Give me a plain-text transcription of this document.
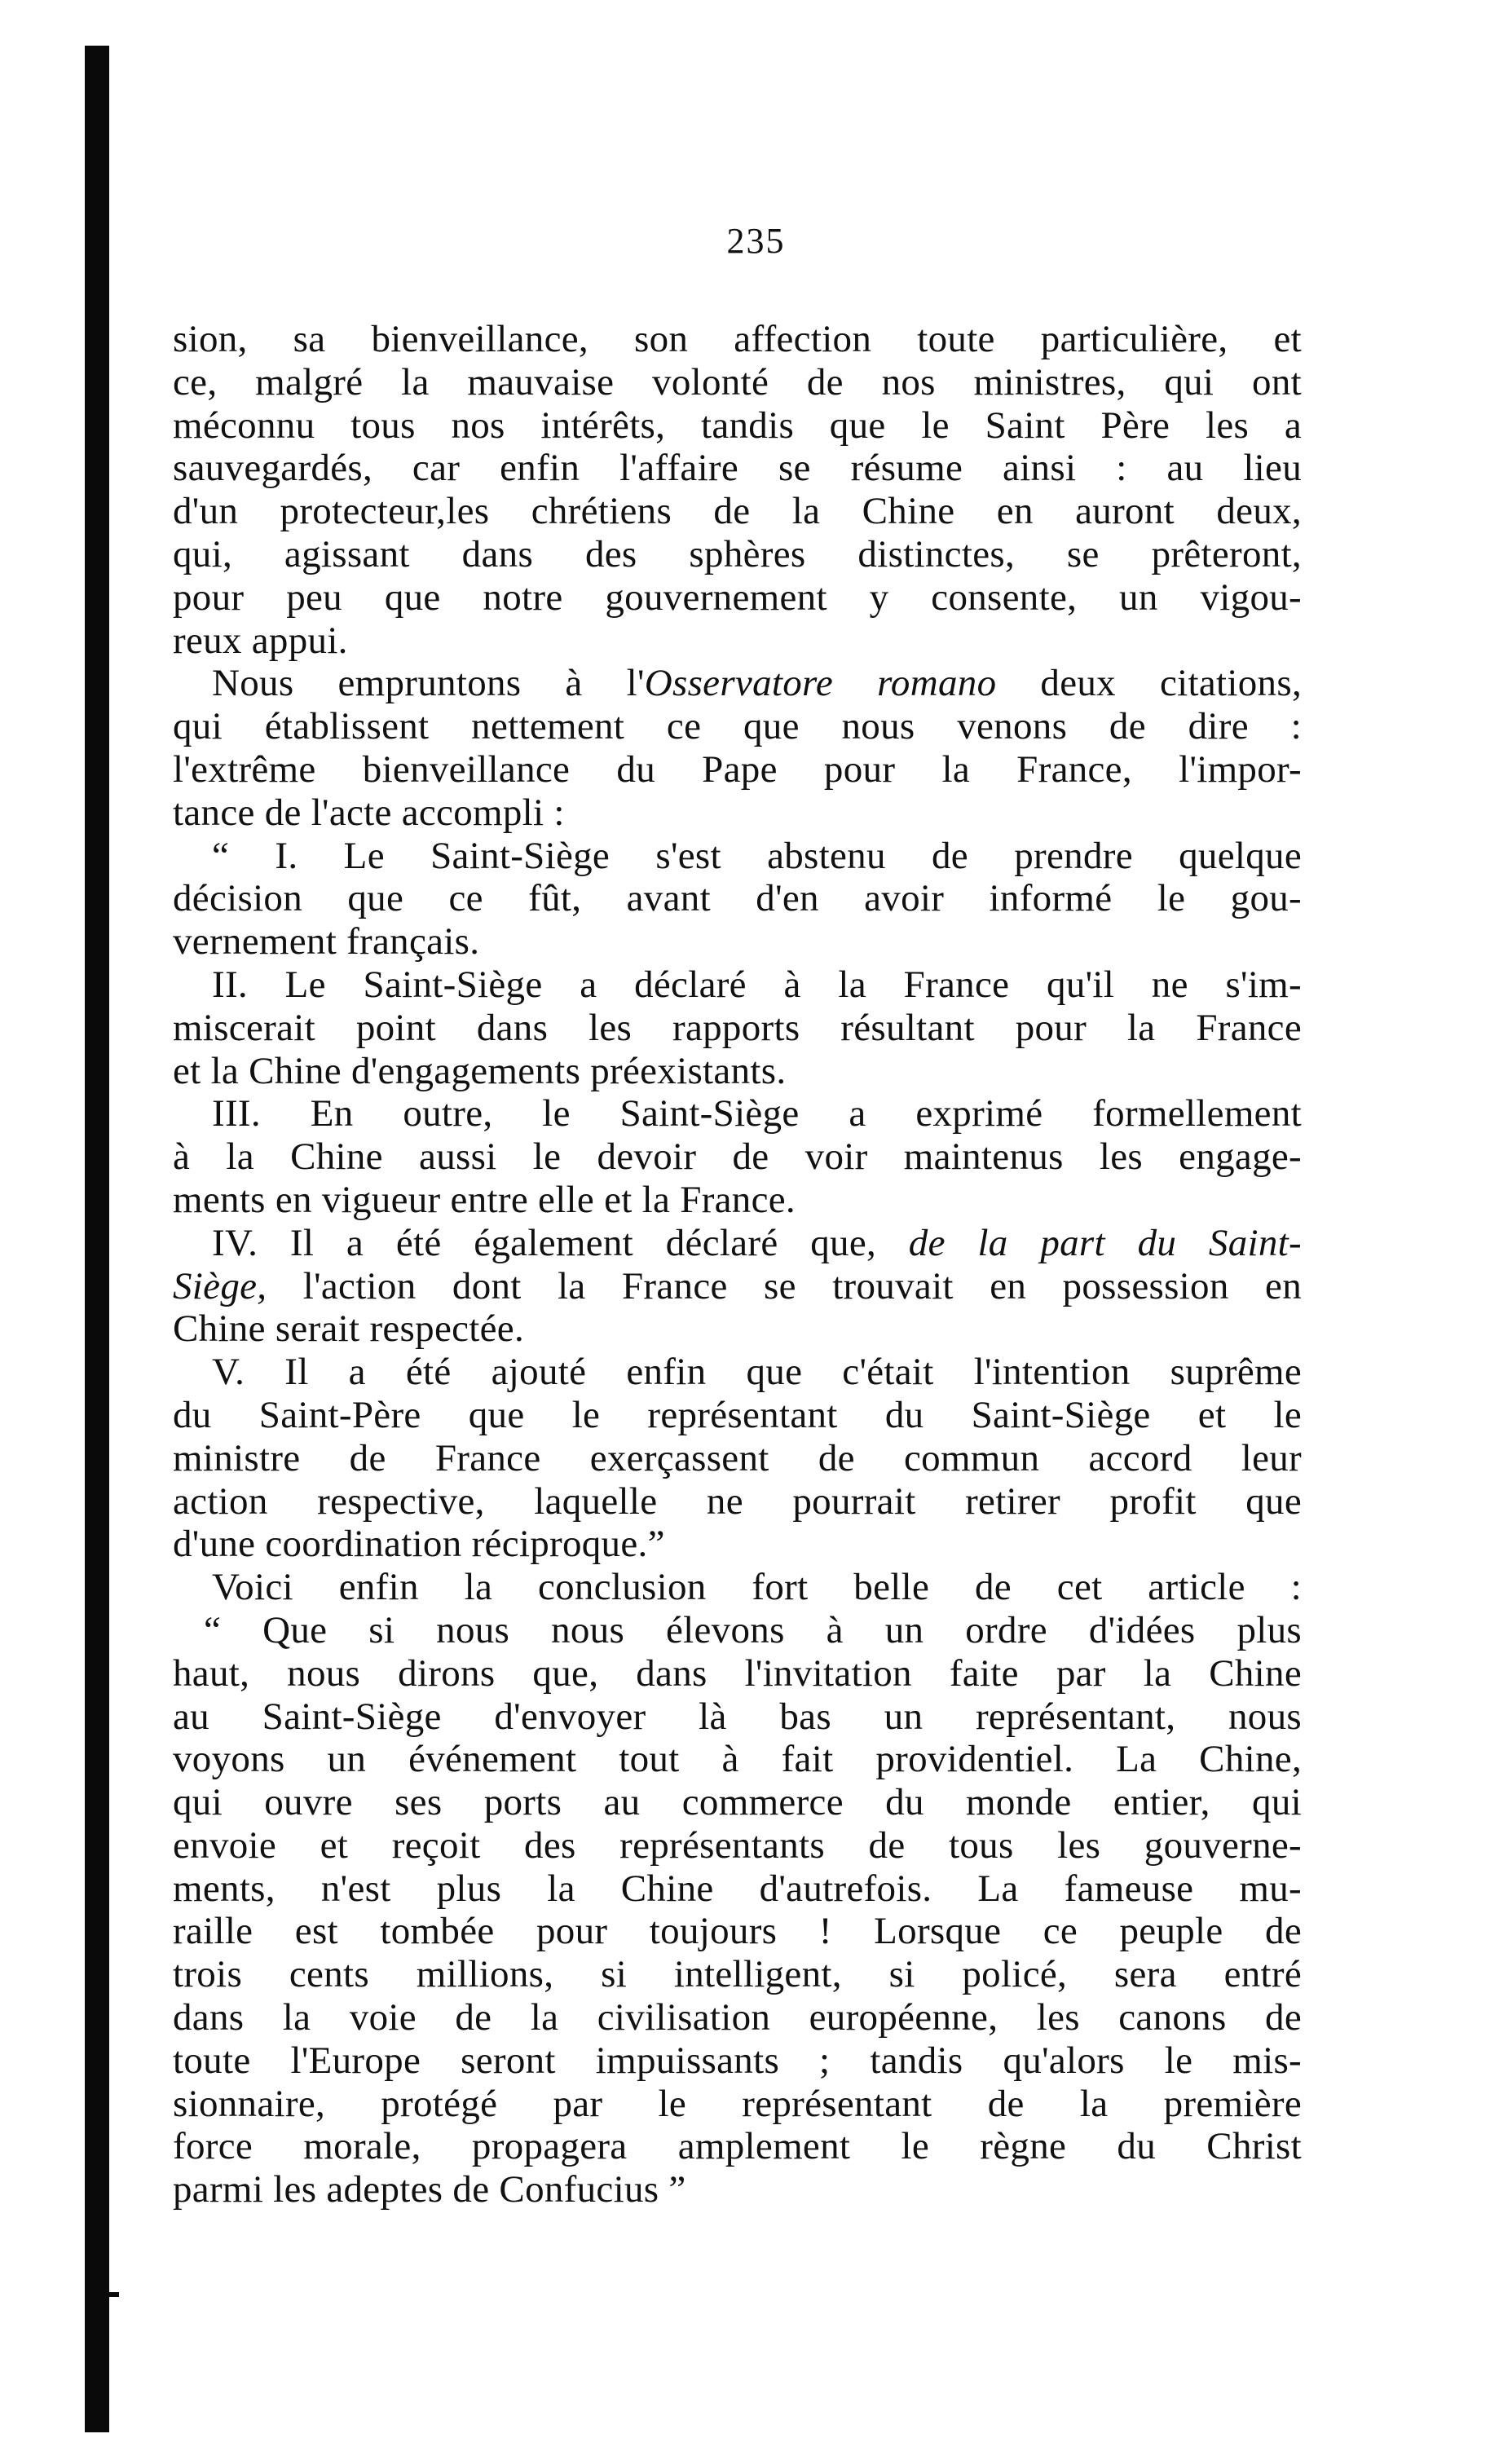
235
sion, sa bienveillance, son affection toute particulière, et
ce, malgré la mauvaise volonté de nos ministres, qui ont
méconnu tous nos intérêts, tandis que le Saint Père les a
sauvegardés, car enfin l'affaire se résume ainsi : au lieu
d'un protecteur,les chrétiens de la Chine en auront deux,
qui, agissant dans des sphères distinctes, se prêteront,
pour peu que notre gouvernement y consente, un vigou-
reux appui.
Nous empruntons à l'Osservatore romano deux citations,
qui établissent nettement ce que nous venons de dire :
l'extrême bienveillance du Pape pour la France, l'impor-
tance de l'acte accompli :
“ I. Le Saint-Siège s'est abstenu de prendre quelque
décision que ce fût, avant d'en avoir informé le gou-
vernement français.
II. Le Saint-Siège a déclaré à la France qu'il ne s'im-
miscerait point dans les rapports résultant pour la France
et la Chine d'engagements préexistants.
III. En outre, le Saint-Siège a exprimé formellement
à la Chine aussi le devoir de voir maintenus les engage-
ments en vigueur entre elle et la France.
IV. Il a été également déclaré que, de la part du Saint-
Siège, l'action dont la France se trouvait en possession en
Chine serait respectée.
V. Il a été ajouté enfin que c'était l'intention suprême
du Saint-Père que le représentant du Saint-Siège et le
ministre de France exerçassent de commun accord leur
action respective, laquelle ne pourrait retirer profit que
d'une coordination réciproque.”
Voici enfin la conclusion fort belle de cet article :
“ Que si nous nous élevons à un ordre d'idées plus
haut, nous dirons que, dans l'invitation faite par la Chine
au Saint-Siège d'envoyer là bas un représentant, nous
voyons un événement tout à fait providentiel. La Chine,
qui ouvre ses ports au commerce du monde entier, qui
envoie et reçoit des représentants de tous les gouverne-
ments, n'est plus la Chine d'autrefois. La fameuse mu-
raille est tombée pour toujours ! Lorsque ce peuple de
trois cents millions, si intelligent, si policé, sera entré
dans la voie de la civilisation européenne, les canons de
toute l'Europe seront impuissants ; tandis qu'alors le mis-
sionnaire, protégé par le représentant de la première
force morale, propagera amplement le règne du Christ
parmi les adeptes de Confucius ”
